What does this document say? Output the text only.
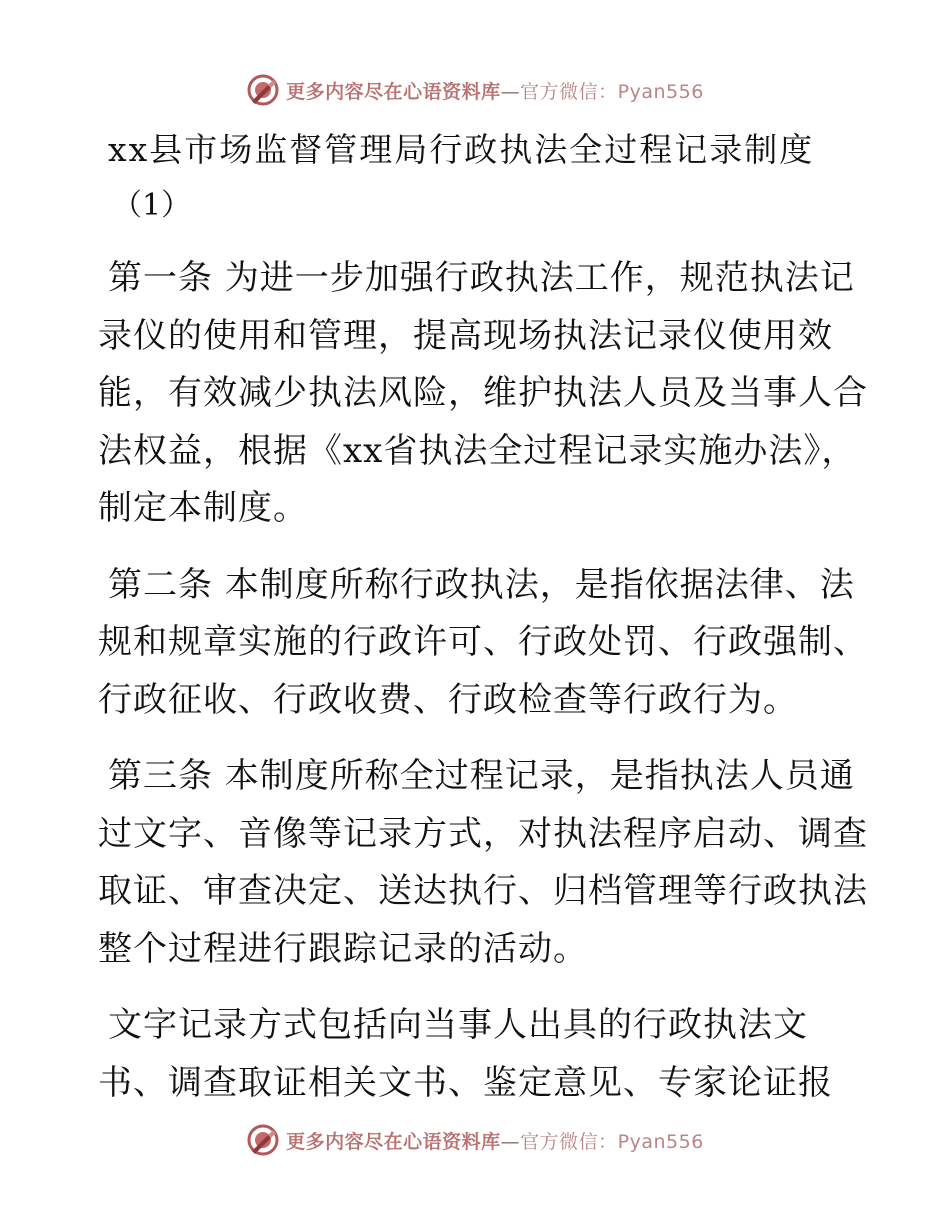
更多内容尽在心语资料库—官方微信：Pyan556
xx县市场监督管理局行政执法全过程记录制度
（1）
第一条 为进一步加强行政执法工作，规范执法记
录仪的使用和管理，提高现场执法记录仪使用效
能，有效减少执法风险，维护执法人员及当事人合
法权益，根据《xx省执法全过程记录实施办法》，
制定本制度。
第二条 本制度所称行政执法，是指依据法律、法
规和规章实施的行政许可、行政处罚、行政强制、
行政征收、行政收费、行政检查等行政行为。
第三条 本制度所称全过程记录，是指执法人员通
过文字、音像等记录方式，对执法程序启动、调查
取证、审查决定、送达执行、归档管理等行政执法
整个过程进行跟踪记录的活动。
文字记录方式包括向当事人出具的行政执法文
书、调查取证相关文书、鉴定意见、专家论证报
更多内容尽在心语资料库—官方微信：Pyan556
